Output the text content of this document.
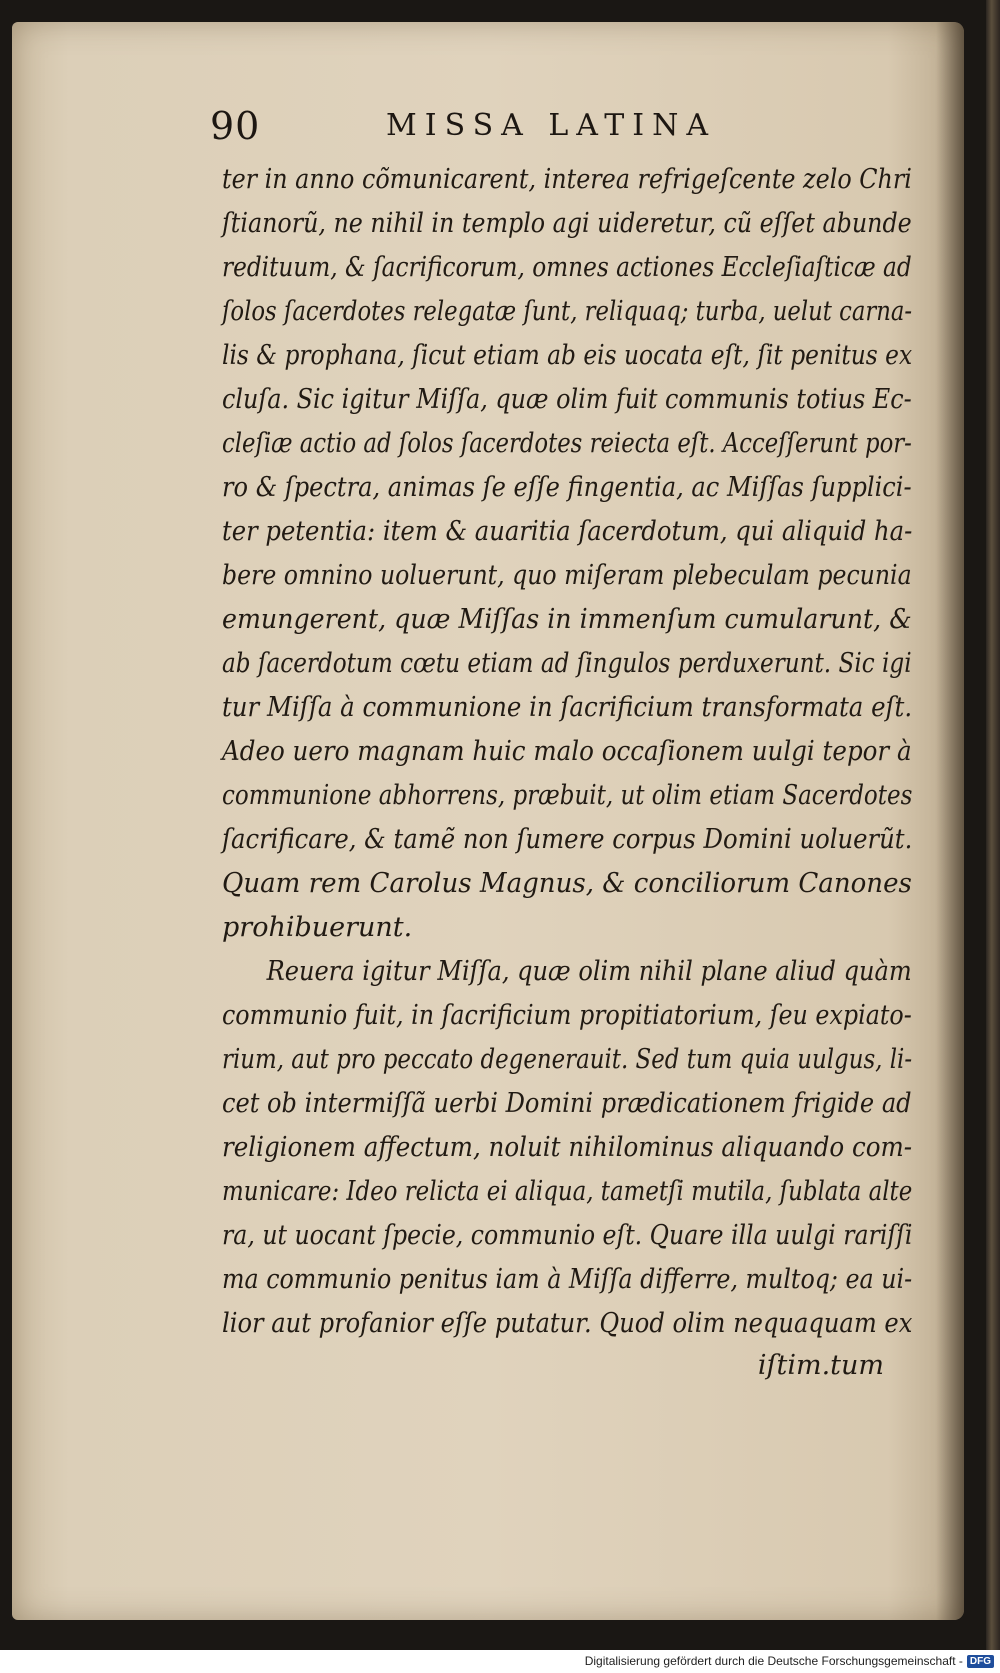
90	MISSA LATINA
ter in anno cõmunicarent, interea refrigeſcente zelo Chri
ſtianorũ, ne nihil in templo agi uideretur, cũ eſſet abunde
redituum, & ſacrificorum, omnes actiones Eccleſiaſticæ ad
ſolos ſacerdotes relegatæ ſunt, reliquaq; turba, uelut carna-
lis & prophana, ſicut etiam ab eis uocata eſt, ſit penitus ex
cluſa. Sic igitur Miſſa, quæ olim fuit communis totius Ec-
cleſiæ actio ad ſolos ſacerdotes reiecta eſt. Acceſſerunt por-
ro & ſpectra, animas ſe eſſe fingentia, ac Miſſas ſupplici-
ter petentia: item & auaritia ſacerdotum, qui aliquid ha-
bere omnino uoluerunt, quo miſeram plebeculam pecunia
emungerent, quæ Miſſas in immenſum cumularunt, &
ab ſacerdotum cœtu etiam ad ſingulos perduxerunt. Sic igi
tur Miſſa à communione in ſacrificium transformata eſt.
Adeo uero magnam huic malo occaſionem uulgi tepor à
communione abhorrens, præbuit, ut olim etiam Sacerdotes
ſacrificare, & tamẽ non ſumere corpus Domini uoluerũt.
Quam rem Carolus Magnus, & conciliorum Canones
prohibuerunt.
Reuera igitur Miſſa, quæ olim nihil plane aliud quàm
communio fuit, in ſacrificium propitiatorium, ſeu expiato-
rium, aut pro peccato degenerauit. Sed tum quia uulgus, li-
cet ob intermiſſã uerbi Domini prædicationem frigide ad
religionem affectum, noluit nihilominus aliquando com-
municare: Ideo relicta ei aliqua, tametſi mutila, ſublata alte
ra, ut uocant ſpecie, communio eſt. Quare illa uulgi rariſſi
ma communio penitus iam à Miſſa differre, multoq; ea ui-
lior aut profanior eſſe putatur. Quod olim nequaquam ex
iſtim.tum
Digitalisierung gefördert durch die Deutsche Forschungsgemeinschaft - DFG
